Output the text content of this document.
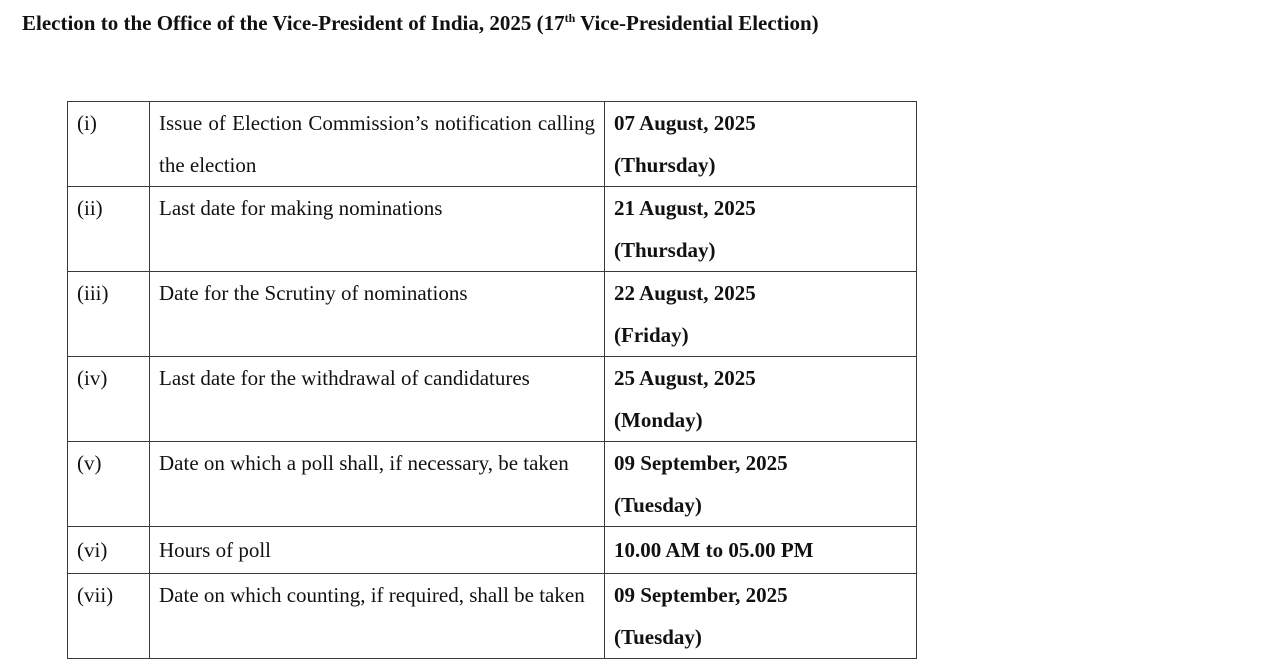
Election to the Office of the Vice-President of India, 2025 (17th Vice-Presidential Election)
(i)	Issue of Election Commission’s notification calling the election	07 August, 2025
(Thursday)

(ii)	Last date for making nominations	21 August, 2025
(Thursday)

(iii)	Date for the Scrutiny of nominations	22 August, 2025
(Friday)

(iv)	Last date for the withdrawal of candidatures	25 August, 2025
(Monday)

(v)	Date on which a poll shall, if necessary, be taken	09 September, 2025
(Tuesday)

(vi)	Hours of poll	10.00 AM to 05.00 PM

(vii)	Date on which counting, if required, shall be taken	09 September, 2025
(Tuesday)
